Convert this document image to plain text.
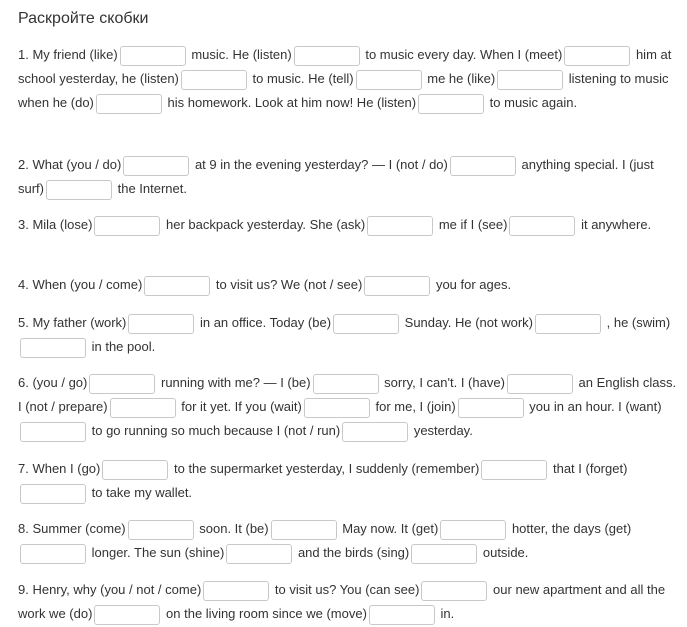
Раскройте скобки
1. My friend (like)	music. He (listen)	to music every day. When I (meet)	him at school yesterday, he (listen)	to music. He (tell)	me he (like)	listening to music when he (do)	his homework. Look at him now! He (listen)	to music again.
2. What (you / do)	at 9 in the evening yesterday? — I (not / do)	anything special. I (just surf)	the Internet.
3. Mila (lose)	her backpack yesterday. She (ask)	me if I (see)	it anywhere.
4. When (you / come)	to visit us? We (not / see)	you for ages.
5. My father (work)	in an office. Today (be)	Sunday. He (not work)	, he (swim) in the pool.
6. (you / go)	running with me? — I (be)	sorry, I can't. I (have)	an English class. I (not / prepare)	for it yet. If you (wait)	for me, I (join)	you in an hour. I (want) to go running so much because I (not / run)	yesterday.
7. When I (go)	to the supermarket yesterday, I suddenly (remember)	that I (forget) to take my wallet.
8. Summer (come)	soon. It (be)	May now. It (get)	hotter, the days (get) longer. The sun (shine)	and the birds (sing)	outside.
9. Henry, why (you / not / come)	to visit us? You (can see)	our new apartment and all the work we (do)	on the living room since we (move)	in.
